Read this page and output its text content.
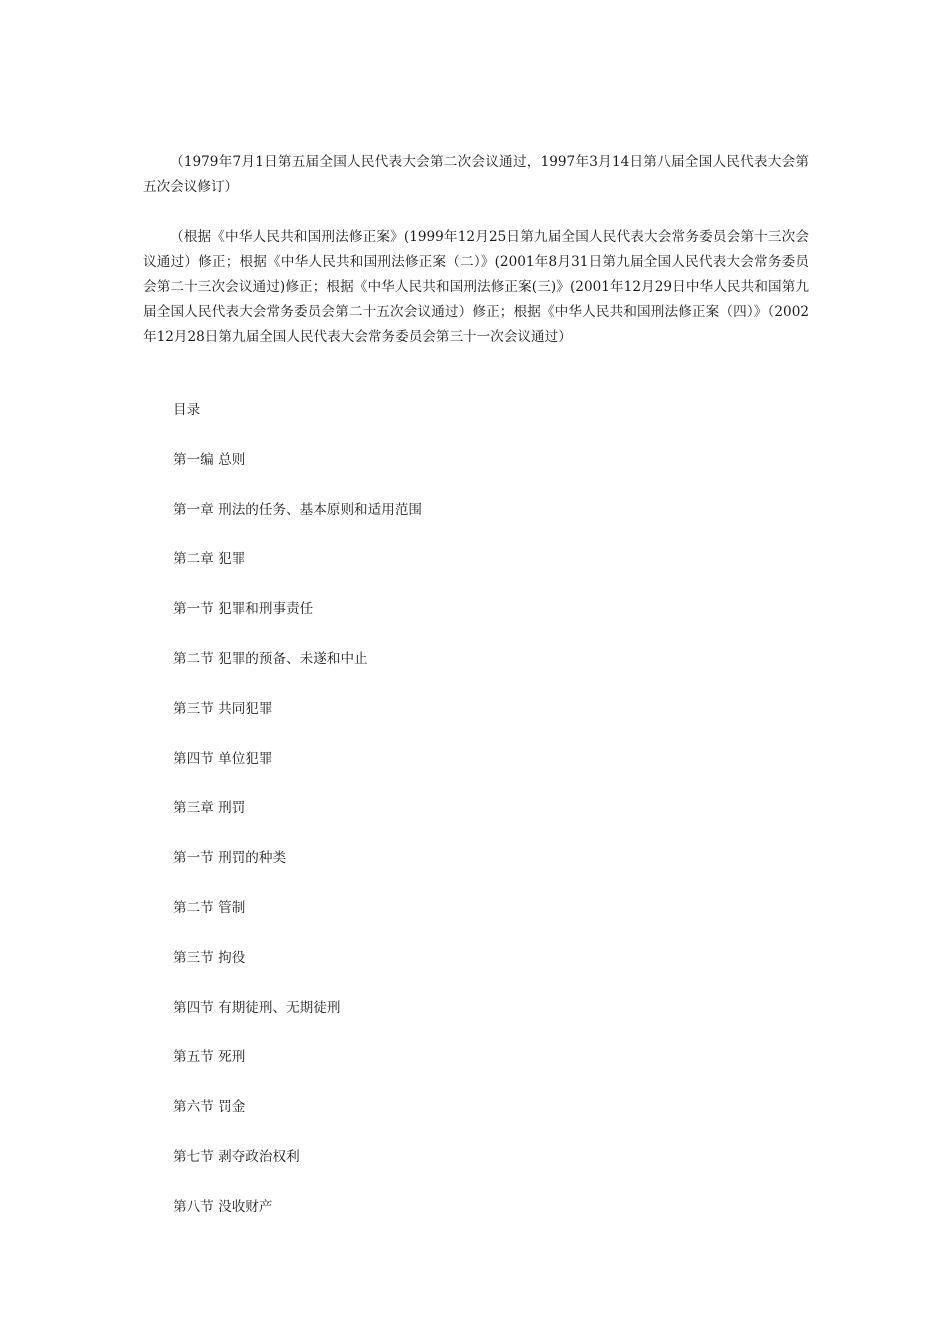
（1979年7月1日第五届全国人民代表大会第二次会议通过，1997年3月14日第八届全国人民代表大会第五次会议修订）

（根据《中华人民共和国刑法修正案》(1999年12月25日第九届全国人民代表大会常务委员会第十三次会议通过）修正；根据《中华人民共和国刑法修正案（二）》(2001年8月31日第九届全国人民代表大会常务委员会第二十三次会议通过)修正；根据《中华人民共和国刑法修正案(三)》(2001年12月29日中华人民共和国第九届全国人民代表大会常务委员会第二十五次会议通过）修正；根据《中华人民共和国刑法修正案（四）》（2002年12月28日第九届全国人民代表大会常务委员会第三十一次会议通过）

目录
第一编 总则
第一章 刑法的任务、基本原则和适用范围
第二章 犯罪
第一节 犯罪和刑事责任
第二节 犯罪的预备、未遂和中止
第三节 共同犯罪
第四节 单位犯罪
第三章 刑罚
第一节 刑罚的种类
第二节 管制
第三节 拘役
第四节 有期徒刑、无期徒刑
第五节 死刑
第六节 罚金
第七节 剥夺政治权利
第八节 没收财产
